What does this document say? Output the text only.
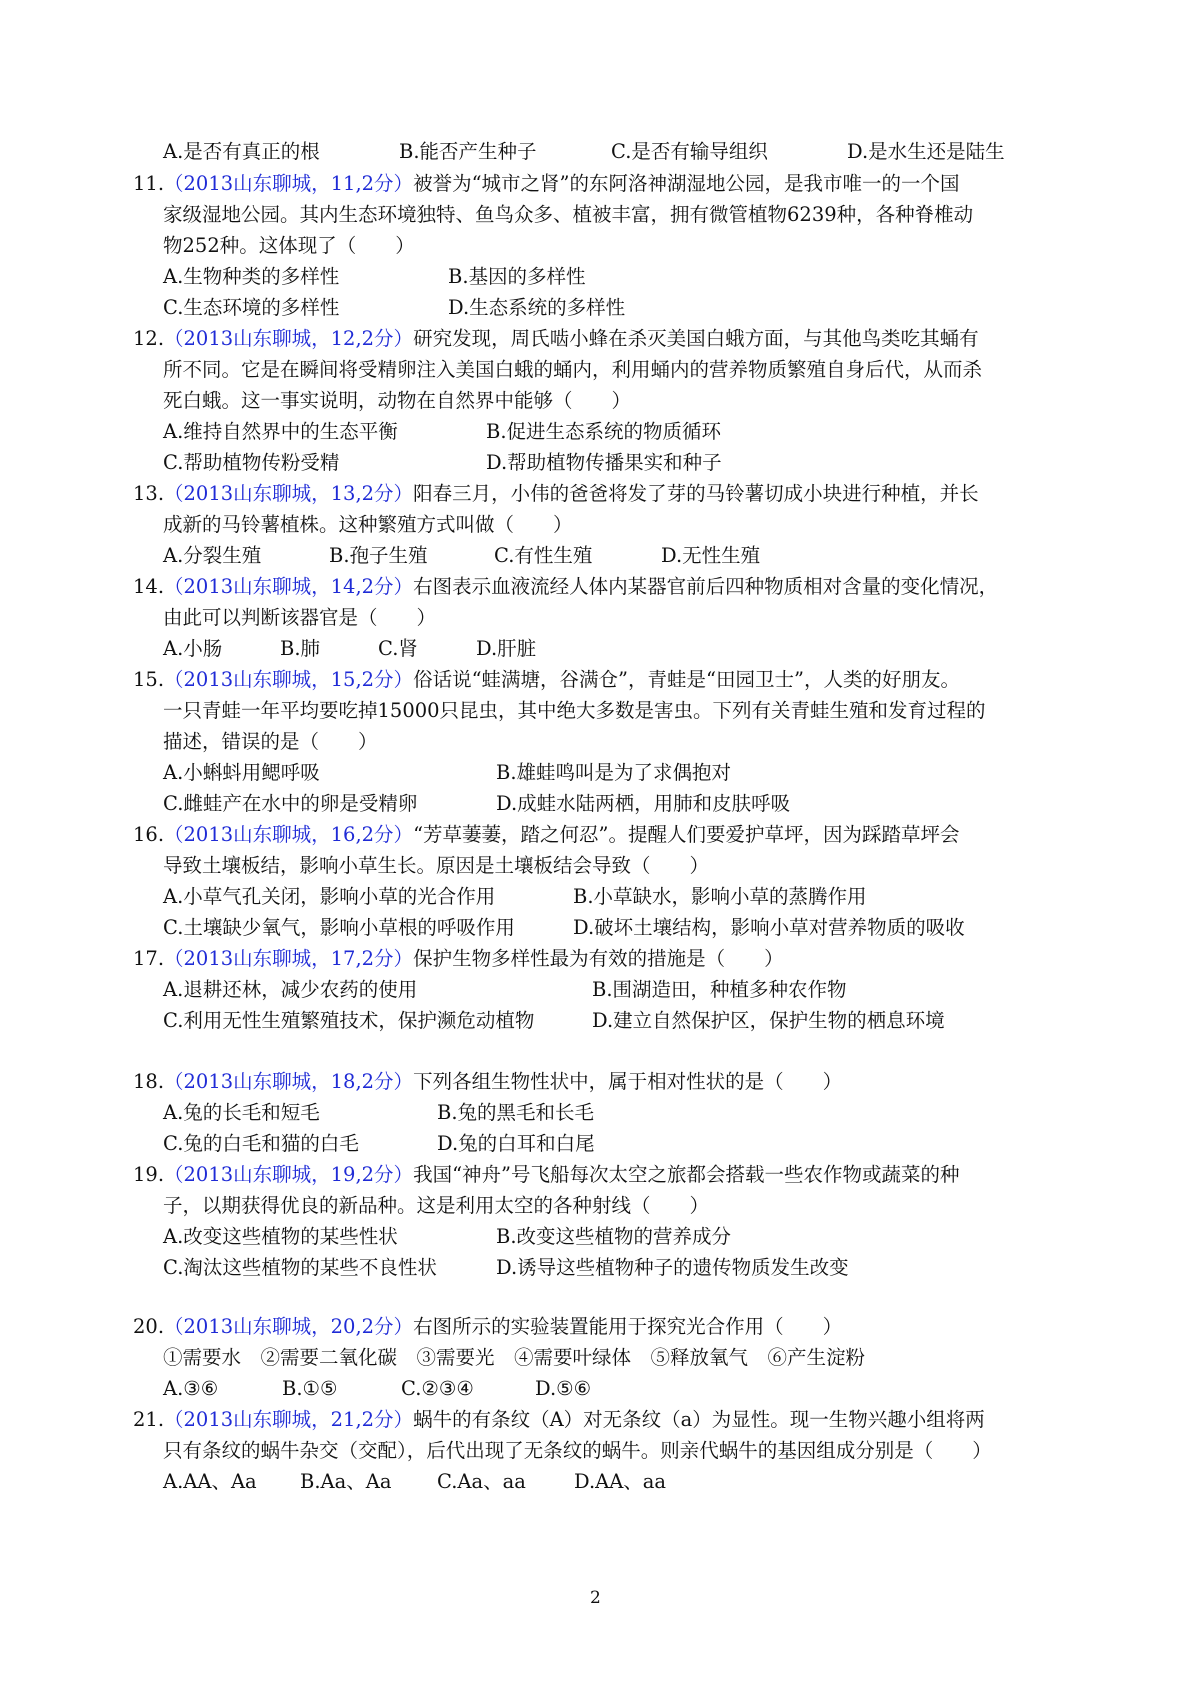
A.是否有真正的根	B.能否产生种子	C.是否有输导组织	D.是水生还是陆生
11.（2013山东聊城，11,2分）被誉为“城市之肾”的东阿洛神湖湿地公园，是我市唯一的一个国
家级湿地公园。其内生态环境独特、鱼鸟众多、植被丰富，拥有微管植物6239种，各种脊椎动
物252种。这体现了（　　）
A.生物种类的多样性	B.基因的多样性
C.生态环境的多样性	D.生态系统的多样性
12.（2013山东聊城，12,2分）研究发现，周氏啮小蜂在杀灭美国白蛾方面，与其他鸟类吃其蛹有
所不同。它是在瞬间将受精卵注入美国白蛾的蛹内，利用蛹内的营养物质繁殖自身后代，从而杀
死白蛾。这一事实说明，动物在自然界中能够（　　）
A.维持自然界中的生态平衡	B.促进生态系统的物质循环
C.帮助植物传粉受精	D.帮助植物传播果实和种子
13.（2013山东聊城，13,2分）阳春三月，小伟的爸爸将发了芽的马铃薯切成小块进行种植，并长
成新的马铃薯植株。这种繁殖方式叫做（　　）
A.分裂生殖	B.孢子生殖	C.有性生殖	D.无性生殖
14.（2013山东聊城，14,2分）右图表示血液流经人体内某器官前后四种物质相对含量的变化情况，
由此可以判断该器官是（　　）
A.小肠	B.肺	C.肾	D.肝脏
15.（2013山东聊城，15,2分）俗话说“蛙满塘，谷满仓”，青蛙是“田园卫士”，人类的好朋友。
一只青蛙一年平均要吃掉15000只昆虫，其中绝大多数是害虫。下列有关青蛙生殖和发育过程的
描述，错误的是（　　）
A.小蝌蚪用鳃呼吸	B.雄蛙鸣叫是为了求偶抱对
C.雌蛙产在水中的卵是受精卵	D.成蛙水陆两栖，用肺和皮肤呼吸
16.（2013山东聊城，16,2分）“芳草萋萋，踏之何忍”。提醒人们要爱护草坪，因为踩踏草坪会
导致土壤板结，影响小草生长。原因是土壤板结会导致（　　）
A.小草气孔关闭，影响小草的光合作用	B.小草缺水，影响小草的蒸腾作用
C.土壤缺少氧气，影响小草根的呼吸作用	D.破坏土壤结构，影响小草对营养物质的吸收
17.（2013山东聊城，17,2分）保护生物多样性最为有效的措施是（　　）
A.退耕还林，减少农药的使用	B.围湖造田，种植多种农作物
C.利用无性生殖繁殖技术，保护濒危动植物	D.建立自然保护区，保护生物的栖息环境
18.（2013山东聊城，18,2分）下列各组生物性状中，属于相对性状的是（　　）
A.兔的长毛和短毛	B.兔的黑毛和长毛
C.兔的白毛和猫的白毛	D.兔的白耳和白尾
19.（2013山东聊城，19,2分）我国“神舟”号飞船每次太空之旅都会搭载一些农作物或蔬菜的种
子，以期获得优良的新品种。这是利用太空的各种射线（　　）
A.改变这些植物的某些性状	B.改变这些植物的营养成分
C.淘汰这些植物的某些不良性状	D.诱导这些植物种子的遗传物质发生改变
20.（2013山东聊城，20,2分）右图所示的实验装置能用于探究光合作用（　　）
①需要水　②需要二氧化碳　③需要光　④需要叶绿体　⑤释放氧气　⑥产生淀粉
A.③⑥	B.①⑤	C.②③④	D.⑤⑥
21.（2013山东聊城，21,2分）蜗牛的有条纹（A）对无条纹（a）为显性。现一生物兴趣小组将两
只有条纹的蜗牛杂交（交配），后代出现了无条纹的蜗牛。则亲代蜗牛的基因组成分别是（　　）
A.AA、Aa B.Aa、Aa C.Aa、aa D.AA、aa
2
